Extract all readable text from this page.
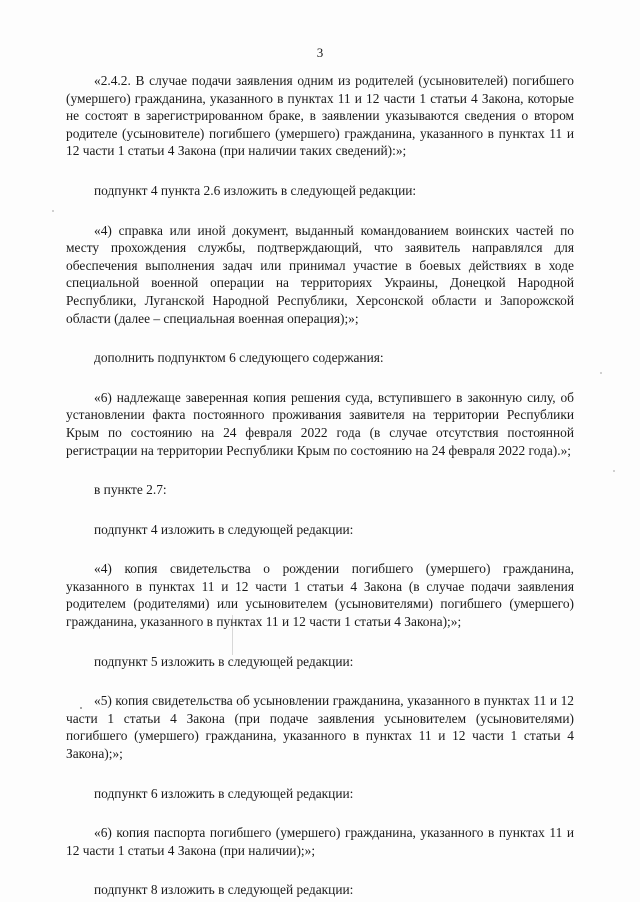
3

«2.4.2. В случае подачи заявления одним из родителей (усыновителей) погибшего (умершего) гражданина, указанного в пунктах 11 и 12 части 1 статьи 4 Закона, которые не состоят в зарегистрированном браке, в заявлении указываются сведения о втором родителе (усыновителе) погибшего (умершего) гражданина, указанного в пунктах 11 и 12 части 1 статьи 4 Закона (при наличии таких сведений):»;

подпункт 4 пункта 2.6 изложить в следующей редакции:

«4) справка или иной документ, выданный командованием воинских частей по месту прохождения службы, подтверждающий, что заявитель направлялся для обеспечения выполнения задач или принимал участие в боевых действиях в ходе специальной военной операции на территориях Украины, Донецкой Народной Республики, Луганской Народной Республики, Херсонской области и Запорожской области (далее – специальная военная операция);»;

дополнить подпунктом 6 следующего содержания:

«6) надлежаще заверенная копия решения суда, вступившего в законную силу, об установлении факта постоянного проживания заявителя на территории Республики Крым по состоянию на 24 февраля 2022 года (в случае отсутствия постоянной регистрации на территории Республики Крым по состоянию на 24 февраля 2022 года).»;

в пункте 2.7:

подпункт 4 изложить в следующей редакции:

«4) копия свидетельства о рождении погибшего (умершего) гражданина, указанного в пунктах 11 и 12 части 1 статьи 4 Закона (в случае подачи заявления родителем (родителями) или усыновителем (усыновителями) погибшего (умершего) гражданина, указанного в пунктах 11 и 12 части 1 статьи 4 Закона);»;

подпункт 5 изложить в следующей редакции:

«5) копия свидетельства об усыновлении гражданина, указанного в пунктах 11 и 12 части 1 статьи 4 Закона (при подаче заявления усыновителем (усыновителями) погибшего (умершего) гражданина, указанного в пунктах 11 и 12 части 1 статьи 4 Закона);»;

подпункт 6 изложить в следующей редакции:

«6) копия паспорта погибшего (умершего) гражданина, указанного в пунктах 11 и 12 части 1 статьи 4 Закона (при наличии);»;

подпункт 8 изложить в следующей редакции:
